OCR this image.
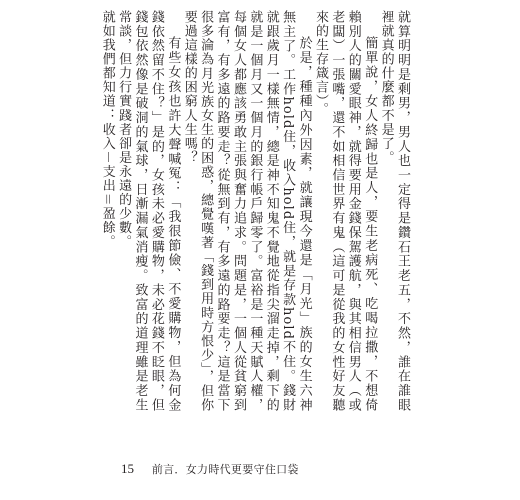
就算明明是剩男，男人也一定得是鑽石王老五，不然，誰在誰眼裡就真的什麼都不是了。

簡單說，女人終歸也是人，要生老病死、吃喝拉撒，不想倚賴別人的關愛眼神，就得要用金錢保駕護航，與其相信男人（或老闆）一張嘴，還不如相信世界有鬼（這可是從我的女性好友聽來的生存箴言）。

於是，種種內外因素，就讓現今還是「月光」族的女生六神無主了。工作hold住，收入hold住，就是存款hold不住。錢財就跟歲月一樣無情，總是神不知鬼不覺地從指尖溜走掉，剩下的就是一個月又一個月的銀行帳戶歸零了。富裕是一種天賦人權，每個女人都應該勇敢主張與奮力追求。問題是，一個人從貧窮到富有，有多遠的路要走？從無到有，有多遠的路要走？這是當下很多淪為月光族女生的困惑，總覺嘆著「錢到用時方恨少」，但你要過這樣的困窮人生嗎？

有些女孩也許大聲喊冤：「我很節儉、不愛購物，但為何金錢依然留不住？」是的，女孩未必愛購物，未必花錢不眨眼，但錢包依然像是破洞的氣球，日漸漏氣消瘦。致富的道理雖是老生常談，但力行實踐者卻是永遠的少數。

就如我們都知道：收入－支出＝盈餘。

15 前言．女力時代更要守住口袋
